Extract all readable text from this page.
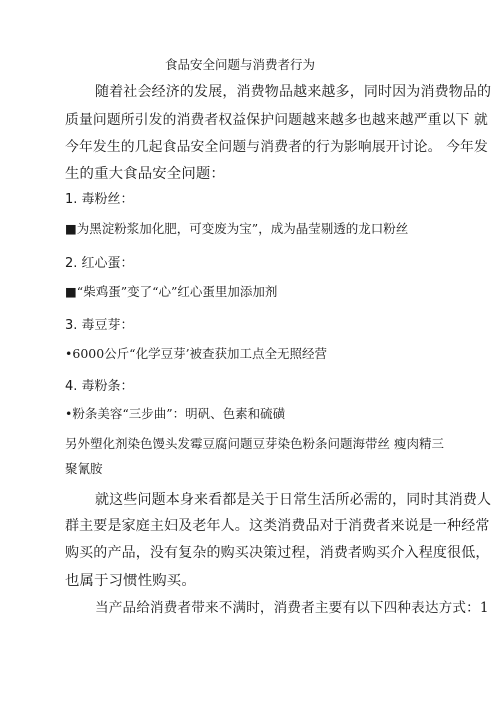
食品安全问题与消费者行为
随着社会经济的发展，消费物品越来越多，同时因为消费物品的
质量问题所引发的消费者权益保护问题越来越多也越来越严重以下 就
今年发生的几起食品安全问题与消费者的行为影响展开讨论。 今年发
生的重大食品安全问题：
1. 毒粉丝：
■为黑淀粉浆加化肥，可变废为宝”，成为晶莹剔透的龙口粉丝
2. 红心蛋：
■“柴鸡蛋”变了“心”红心蛋里加添加剂
3. 毒豆芽：
•6000公斤“化学豆芽’被查获加工点全无照经营
4. 毒粉条：
•粉条美容“三步曲”：明矾、色素和硫磺
另外塑化剂染色馒头发霉豆腐问题豆芽染色粉条问题海带丝 瘦肉精三
聚氰胺
就这些问题本身来看都是关于日常生活所必需的，同时其消费人
群主要是家庭主妇及老年人。这类消费品对于消费者来说是一种经常
购买的产品，没有复杂的购买决策过程，消费者购买介入程度很低，
也属于习惯性购买。
当产品给消费者带来不满时，消费者主要有以下四种表达方式：1
